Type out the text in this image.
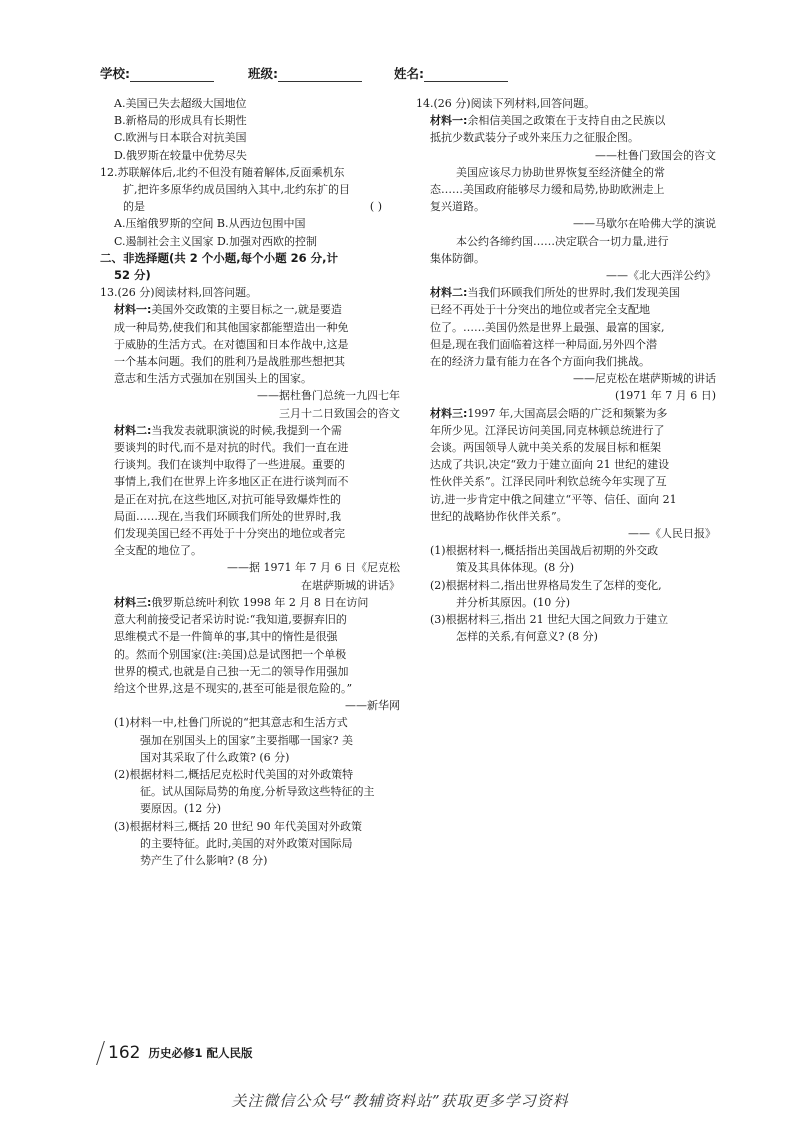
学校:	班级:	姓名:
A.美国已失去超级大国地位
B.新格局的形成具有长期性
C.欧洲与日本联合对抗美国
D.俄罗斯在较量中优势尽失
12.苏联解体后,北约不但没有随着解体,反面乘机东
扩,把许多原华约成员国纳入其中,北约东扩的目
的是	( )
A.压缩俄罗斯的空间 B.从西边包围中国
C.遏制社会主义国家 D.加强对西欧的控制
二、非选择题(共 2 个小题,每个小题 26 分,计
52 分)
13.(26 分)阅读材料,回答问题。
材料一:美国外交政策的主要目标之一,就是要造
成一种局势,使我们和其他国家都能塑造出一种免
于威胁的生活方式。在对德国和日本作战中,这是
一个基本问题。我们的胜利乃是战胜那些想把其
意志和生活方式强加在别国头上的国家。
——据杜鲁门总统一九四七年
三月十二日致国会的咨文
材料二:当我发表就职演说的时候,我提到一个需
要谈判的时代,而不是对抗的时代。我们一直在进
行谈判。我们在谈判中取得了一些进展。重要的
事情上,我们在世界上许多地区正在进行谈判而不
是正在对抗,在这些地区,对抗可能导致爆炸性的
局面……现在,当我们环顾我们所处的世界时,我
们发现美国已经不再处于十分突出的地位或者完
全支配的地位了。
——据 1971 年 7 月 6 日《尼克松
在堪萨斯城的讲话》
材料三:俄罗斯总统叶利钦 1998 年 2 月 8 日在访问
意大利前接受记者采访时说:“我知道,要摒弃旧的
思维模式不是一件简单的事,其中的惰性是很强
的。然而个别国家(注:美国)总是试图把一个单极
世界的模式,也就是自己独一无二的领导作用强加
给这个世界,这是不现实的,甚至可能是很危险的。”
——新华网
(1)材料一中,杜鲁门所说的“把其意志和生活方式
强加在别国头上的国家”主要指哪一国家? 美
国对其采取了什么政策? (6 分)
(2)根据材料二,概括尼克松时代美国的对外政策特
征。试从国际局势的角度,分析导致这些特征的主
要原因。(12 分)
(3)根据材料三,概括 20 世纪 90 年代美国对外政策
的主要特征。此时,美国的对外政策对国际局
势产生了什么影响? (8 分)
14.(26 分)阅读下列材料,回答问题。
材料一:余相信美国之政策在于支持自由之民族以
抵抗少数武装分子或外来压力之征服企图。
——杜鲁门致国会的咨文
美国应该尽力协助世界恢复至经济健全的常
态……美国政府能够尽力缓和局势,协助欧洲走上
复兴道路。
——马歇尔在哈佛大学的演说
本公约各缔约国……决定联合一切力量,进行
集体防御。
——《北大西洋公约》
材料二:当我们环顾我们所处的世界时,我们发现美国
已经不再处于十分突出的地位或者完全支配地
位了。……美国仍然是世界上最强、最富的国家,
但是,现在我们面临着这样一种局面,另外四个潜
在的经济力量有能力在各个方面向我们挑战。
——尼克松在堪萨斯城的讲话
(1971 年 7 月 6 日)
材料三:1997 年,大国高层会晤的广泛和频繁为多
年所少见。江泽民访问美国,同克林顿总统进行了
会谈。两国领导人就中美关系的发展目标和框架
达成了共识,决定“致力于建立面向 21 世纪的建设
性伙伴关系”。江泽民同叶利钦总统今年实现了互
访,进一步肯定中俄之间建立“平等、信任、面向 21
世纪的战略协作伙伴关系”。
——《人民日报》
(1)根据材料一,概括指出美国战后初期的外交政
策及其具体体现。(8 分)
(2)根据材料二,指出世界格局发生了怎样的变化,
并分析其原因。(10 分)
(3)根据材料三,指出 21 世纪大国之间致力于建立
怎样的关系,有何意义? (8 分)
162 历史必修1 配人民版
关注微信公众号“教辅资料站”获取更多学习资料
